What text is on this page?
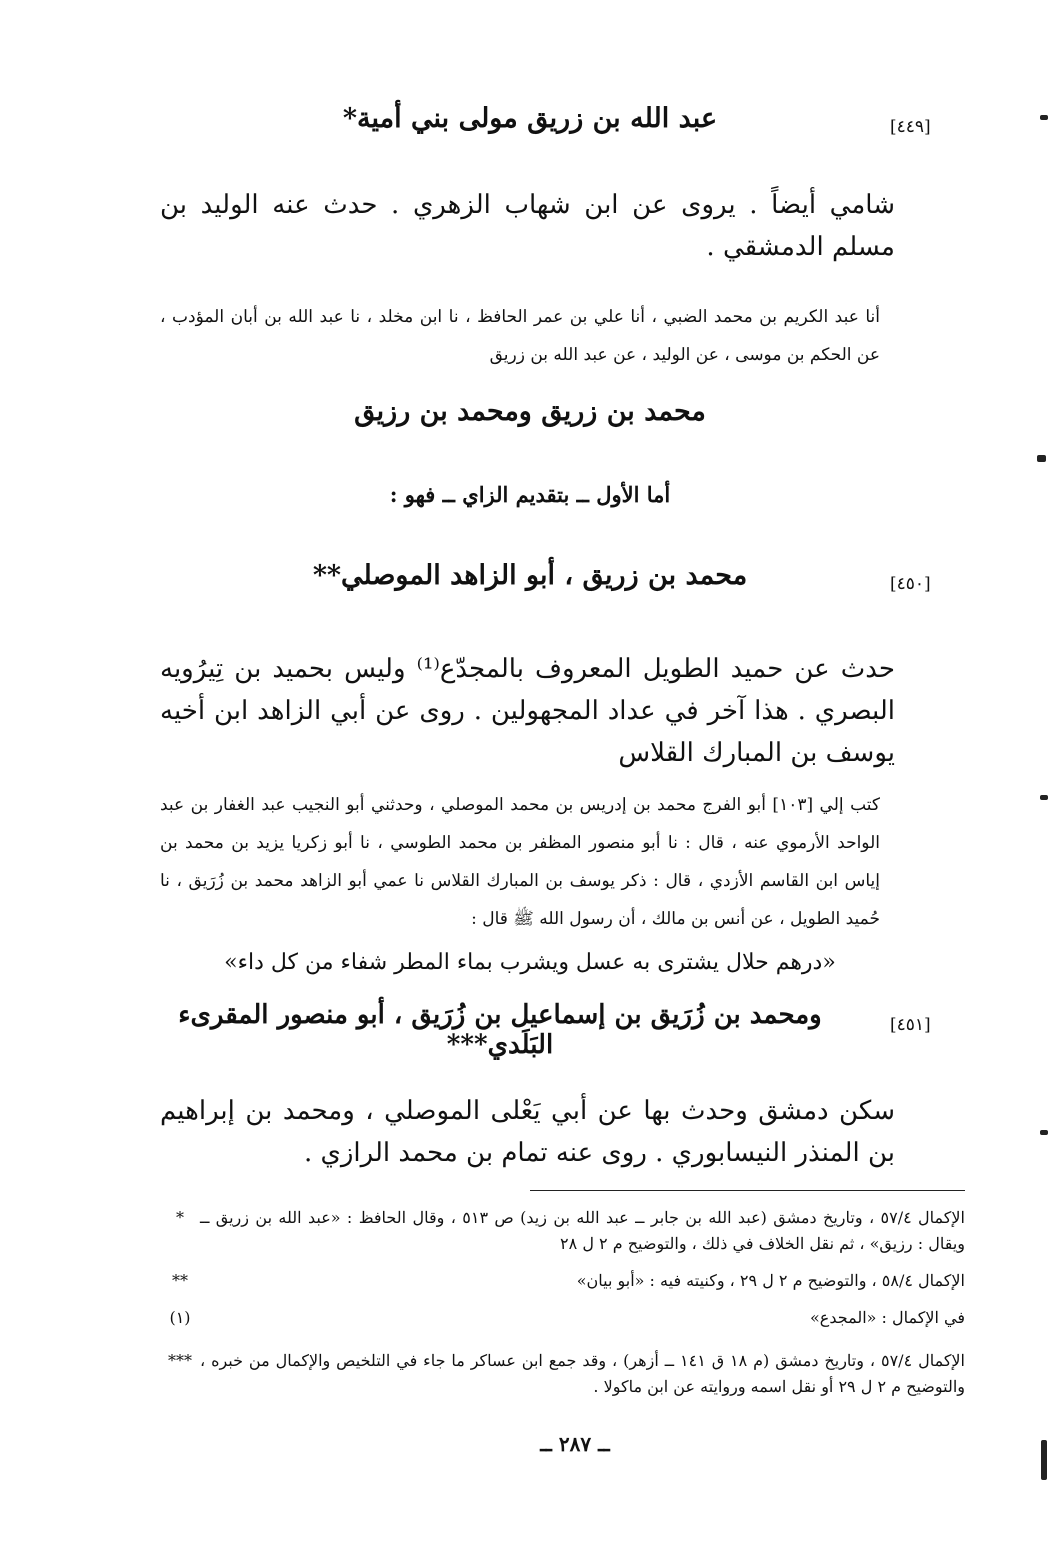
[٤٤٩]
عبد الله بن زريق مولى بني أمية*
شامي أيضاً . يروى عن ابن شهاب الزهري . حدث عنه الوليد بن مسلم الدمشقي .
أنا عبد الكريم بن محمد الضبي ، أنا علي بن عمر الحافظ ، نا ابن مخلد ، نا عبد الله بن أبان المؤدب ، عن الحكم بن موسى ، عن الوليد ، عن عبد الله بن زريق
محمد بن زريق ومحمد بن رزيق
أما الأول ــ بتقديم الزاي ــ فهو :
[٤٥٠]
محمد بن زريق ، أبو الزاهد الموصلي**
حدث عن حميد الطويل المعروف بالمجدّع⁽¹⁾ وليس بحميد بن تِيرُويه البصري . هذا آخر في عداد المجهولين . روى عن أبي الزاهد ابن أخيه يوسف بن المبارك القلاس
كتب إلي [١٠٣] أبو الفرج محمد بن إدريس بن محمد الموصلي ، وحدثني أبو النجيب عبد الغفار بن عبد الواحد الأرموي عنه ، قال : نا أبو منصور المظفر بن محمد الطوسي ، نا أبو زكريا يزيد بن محمد بن إياس ابن القاسم الأزدي ، قال : ذكر يوسف بن المبارك القلاس نا عمي أبو الزاهد محمد بن زُرَيق ، نا حُميد الطويل ، عن أنس بن مالك ، أن رسول الله ﷺ قال :
«درهم حلال يشترى به عسل ويشرب بماء المطر شفاء من كل داء»
[٤٥١]
ومحمد بن زُرَيق بن إسماعيل بن زُرَيق ، أبو منصور المقرىء البَلَدي***
سكن دمشق وحدث بها عن أبي يَعْلى الموصلي ، ومحمد بن إبراهيم بن المنذر النيسابوري . روى عنه تمام بن محمد الرازي .
*	الإكمال ٥٧/٤ ، وتاريخ دمشق (عبد الله بن جابر ــ عبد الله بن زيد) ص ٥١٣ ، وقال الحافظ : «عبد الله بن زريق ــ ويقال : رزيق» ، ثم نقل الخلاف في ذلك ، والتوضيح م ٢ ل ٢٨
**	الإكمال ٥٨/٤ ، والتوضيح م ٢ ل ٢٩ ، وكنيته فيه : «أبو بيان»
(١)	في الإكمال : «المجدع»
*** الإكمال ٥٧/٤ ، وتاريخ دمشق (م ١٨ ق ١٤١ ــ أزهر) ، وقد جمع ابن عساكر ما جاء في التلخيص والإكمال من خبره ، والتوضيح م ٢ ل ٢٩ أو نقل اسمه وروايته عن ابن ماكولا .
ــ ٢٨٧ ــ
